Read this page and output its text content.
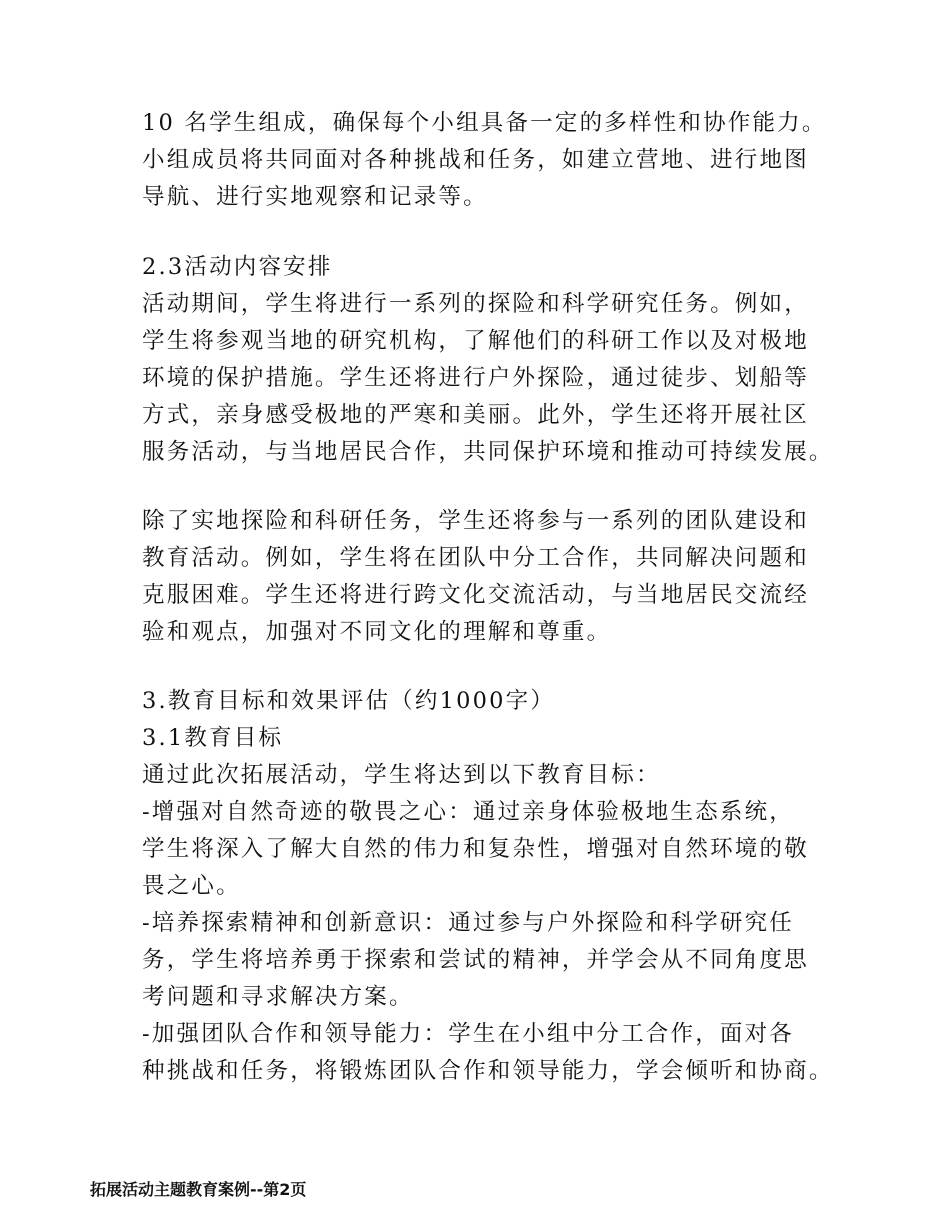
10 名学生组成，确保每个小组具备一定的多样性和协作能力。
小组成员将共同面对各种挑战和任务，如建立营地、进行地图
导航、进行实地观察和记录等。
2.3活动内容安排
活动期间，学生将进行一系列的探险和科学研究任务。例如，
学生将参观当地的研究机构，了解他们的科研工作以及对极地
环境的保护措施。学生还将进行户外探险，通过徒步、划船等
方式，亲身感受极地的严寒和美丽。此外，学生还将开展社区
服务活动，与当地居民合作，共同保护环境和推动可持续发展。
除了实地探险和科研任务，学生还将参与一系列的团队建设和
教育活动。例如，学生将在团队中分工合作，共同解决问题和
克服困难。学生还将进行跨文化交流活动，与当地居民交流经
验和观点，加强对不同文化的理解和尊重。
3.教育目标和效果评估（约1000字）
3.1教育目标
通过此次拓展活动，学生将达到以下教育目标：
-增强对自然奇迹的敬畏之心：通过亲身体验极地生态系统，
学生将深入了解大自然的伟力和复杂性，增强对自然环境的敬
畏之心。
-培养探索精神和创新意识：通过参与户外探险和科学研究任
务，学生将培养勇于探索和尝试的精神，并学会从不同角度思
考问题和寻求解决方案。
-加强团队合作和领导能力：学生在小组中分工合作，面对各
种挑战和任务，将锻炼团队合作和领导能力，学会倾听和协商。
拓展活动主题教育案例--第2页
